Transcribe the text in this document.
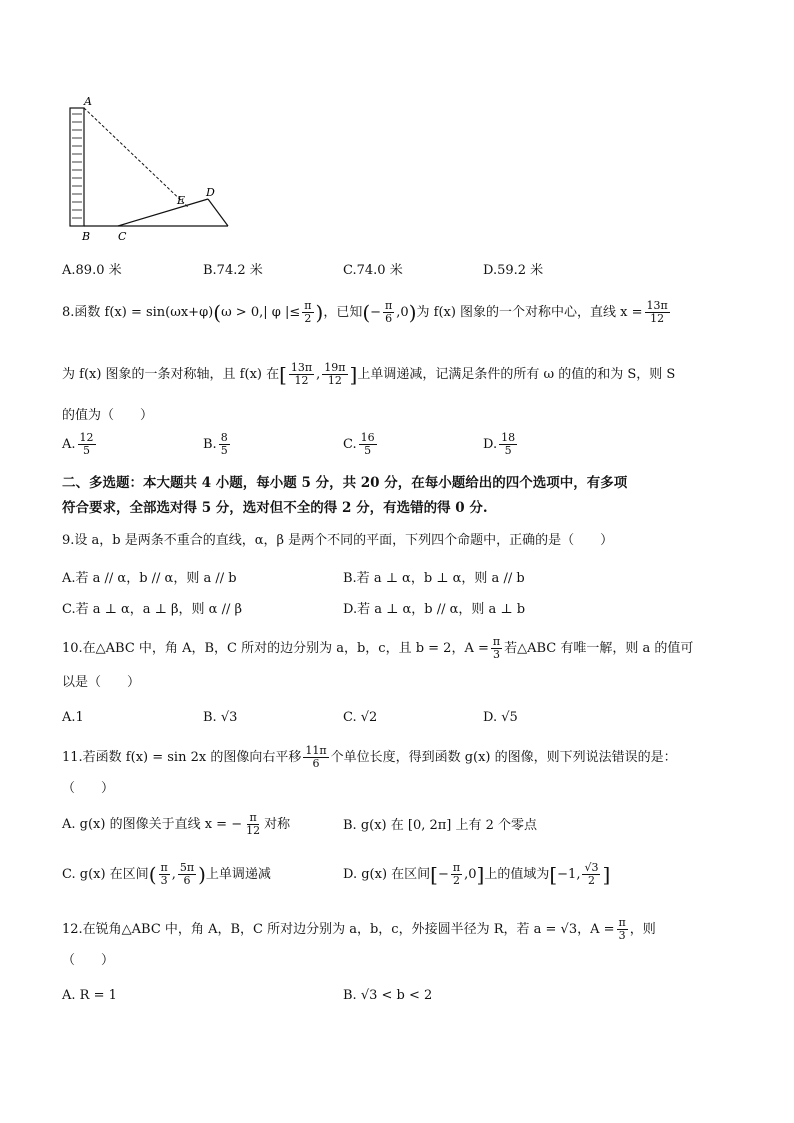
A
B	C
D
E
A.89.0 米	B.74.2 米	C.74.0 米	D.59.2 米
8.函数 f(x) = sin(ωx+φ)(ω > 0,| φ |≤ $\frac{\pi}{2}$ )，已知(− $\frac{\pi}{6} ,0$)为 f(x) 图象的一个对称中心，直线 $x = \frac{13\pi}{12}$
为 f(x) 图象的一条对称轴，且 f(x) 在[ $\frac{13\pi}{12}$ , $\frac{19\pi}{12}$ ]上单调递减，记满足条件的所有 ω 的值的和为 S，则 S
的值为（　　）
A. $\frac{12}{5}$	B. $\frac{8}{5}$	C. $\frac{16}{5}$	D. $\frac{18}{5}$
二、多选题：本大题共 4 小题，每小题 5 分，共 20 分，在每小题给出的四个选项中，有多项
符合要求，全部选对得 5 分，选对但不全的得 2 分，有选错的得 0 分.
9.设 a，b 是两条不重合的直线，α，β 是两个不同的平面，下列四个命题中，正确的是（　　）
A.若 a // α，b // α，则 a // b	B.若 a ⊥ α，b ⊥ α，则 a // b
C.若 a ⊥ α，a ⊥ β，则 α // β	D.若 a ⊥ α，b // α，则 a ⊥ b
10.在△ABC 中，角 A，B，C 所对的边分别为 a，b，c，且 b = 2，$A = \frac{\pi}{3}$ 若△ABC 有唯一解，则 a 的值可
以是（　　）
A.1	B. √3	C. √2	D. √5
11.若函数 f(x) = sin 2x 的图像向右平移 $\frac{11\pi}{6}$ 个单位长度，得到函数 g(x) 的图像，则下列说法错误的是：
（　　）
A. g(x) 的图像关于直线 x = − $\frac{\pi}{12}$ 对称	B. g(x) 在 [0, 2π] 上有 2 个零点
C. g(x) 在区间( $\frac{\pi}{3}$ , $\frac{5\pi}{6}$ )上单调递减	D. g(x) 在区间[− $\frac{\pi}{2} ,0$]上的值域为[−1, $\frac{√3}{2}$ ]
12.在锐角△ABC 中，角 A，B，C 所对边分别为 a，b，c，外接圆半径为 R，若 a = √3，$A = \frac{\pi}{3}$ ，则
（　　）
A. R = 1	B. √3 < b < 2
